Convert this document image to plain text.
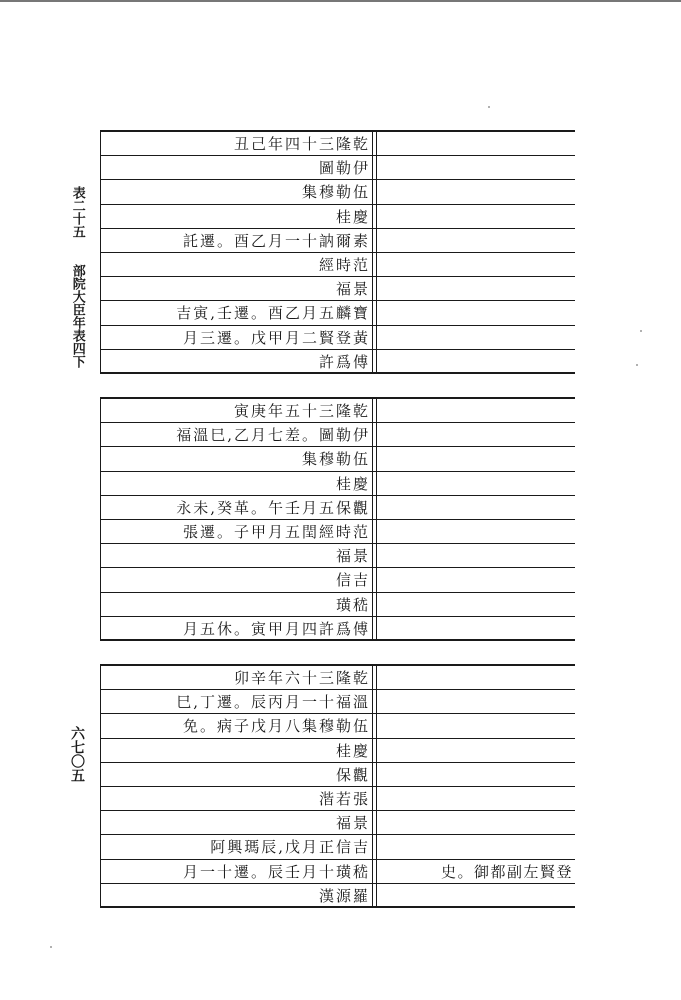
表二十五
部院大臣年表四下
六七〇五
丑己年四十三隆乾
圖勒伊
集穆勒伍
桂慶
託遷。酉乙月一十訥爾素
經時范
福景
吉寅,壬遷。酉乙月五麟寶
月三遷。戊甲月二賢登黃
許爲傅
寅庚年五十三隆乾
福溫巳,乙月七差。圖勒伊
集穆勒伍
桂慶
永未,癸革。午壬月五保觀
張遷。子甲月五閏經時范
福景
信吉
璜嵇
月五休。寅甲月四許爲傅
卯辛年六十三隆乾
巳,丁遷。辰丙月一十福溫
免。病子戊月八集穆勒伍
桂慶
保觀
湝若張
福景
阿興瑪辰,戊月正信吉
月一十遷。辰壬月十璜嵇
漢源羅
史。御都副左賢登
